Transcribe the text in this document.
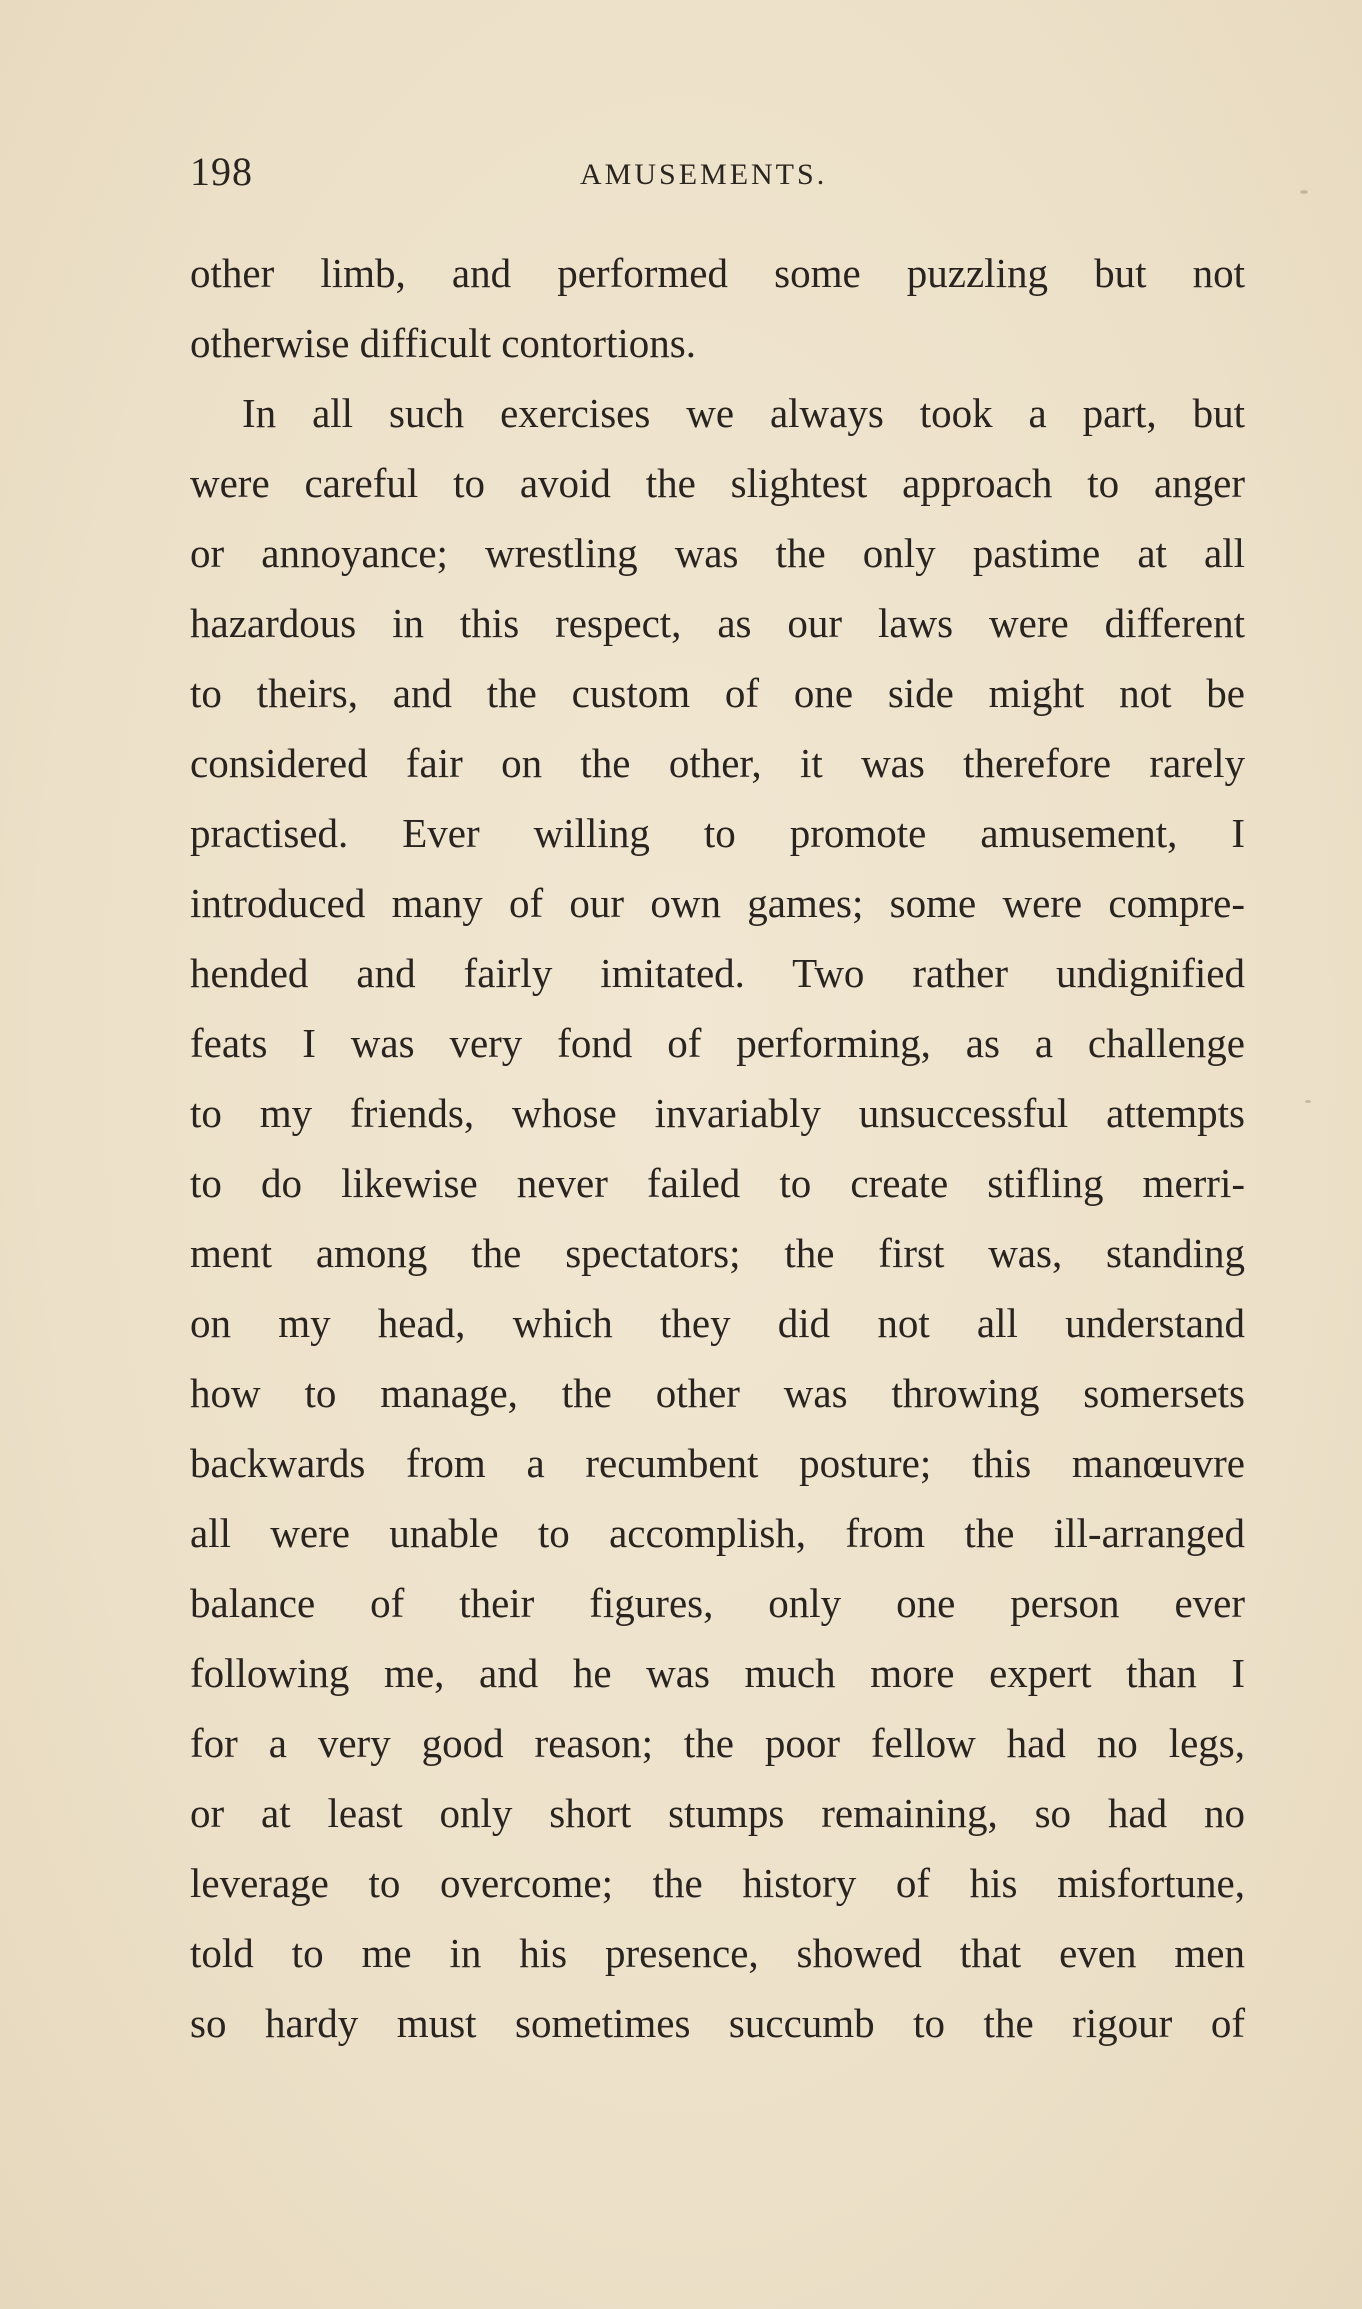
198	AMUSEMENTS.
other limb, and performed some puzzling but not
otherwise difficult contortions.
In all such exercises we always took a part, but
were careful to avoid the slightest approach to anger
or annoyance; wrestling was the only pastime at all
hazardous in this respect, as our laws were different
to theirs, and the custom of one side might not be
considered fair on the other, it was therefore rarely
practised. Ever willing to promote amusement, I
introduced many of our own games; some were compre-
hended and fairly imitated. Two rather undignified
feats I was very fond of performing, as a challenge
to my friends, whose invariably unsuccessful attempts
to do likewise never failed to create stifling merri-
ment among the spectators; the first was, standing
on my head, which they did not all understand
how to manage, the other was throwing somersets
backwards from a recumbent posture; this manœuvre
all were unable to accomplish, from the ill-arranged
balance of their figures, only one person ever
following me, and he was much more expert than I
for a very good reason; the poor fellow had no legs,
or at least only short stumps remaining, so had no
leverage to overcome; the history of his misfortune,
told to me in his presence, showed that even men
so hardy must sometimes succumb to the rigour of
